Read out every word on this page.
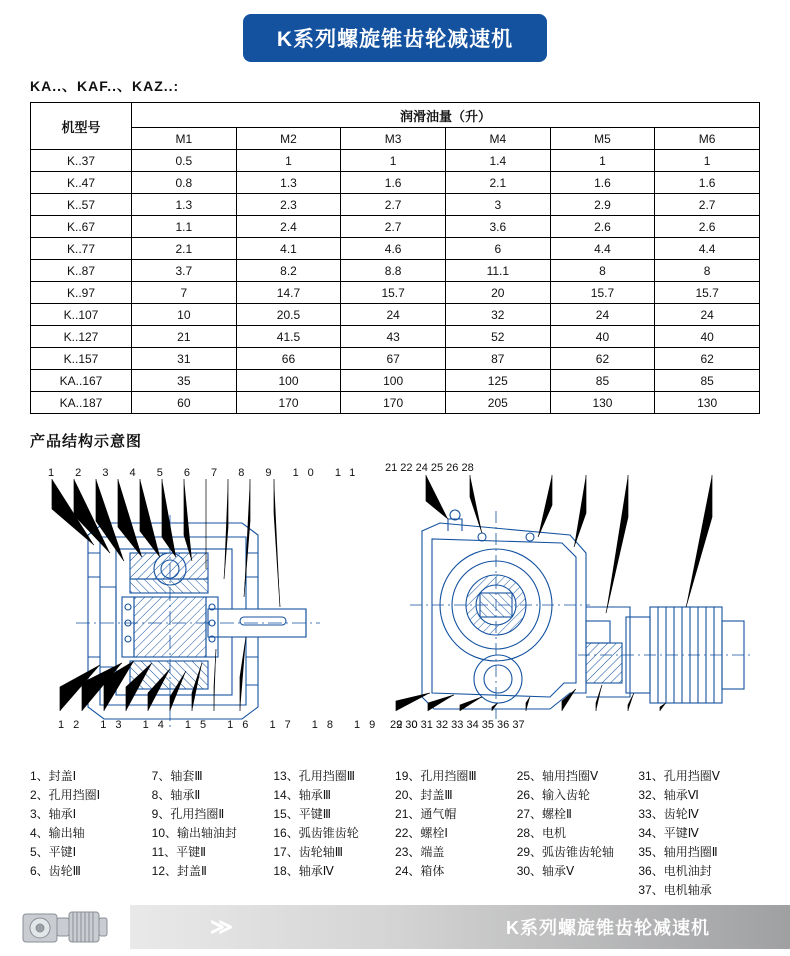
K系列螺旋锥齿轮减速机
KA..、KAF..、KAZ..:
机型号	润滑油量（升）					
	M1	M2	M3	M4	M5	M6
K..37	0.5	1	1	1.4	1	1
K..47	0.8	1.3	1.6	2.1	1.6	1.6
K..57	1.3	2.3	2.7	3	2.9	2.7
K..67	1.1	2.4	2.7	3.6	2.6	2.6
K..77	2.1	4.1	4.6	6	4.4	4.4
K..87	3.7	8.2	8.8	11.1	8	8
K..97	7	14.7	15.7	20	15.7	15.7
K..107	10	20.5	24	32	24	24
K..127	21	41.5	43	52	40	40
K..157	31	66	67	87	62	62
KA..167	35	100	100	125	85	85
KA..187	60	170	170	205	130	130
产品结构示意图
1 2 3 4 5 6 7 8 9 10 11
12 13 14 15 16 17 18 19 20
21 22 24 25 26 28
29 30 31 32 33 34 35 36 37
1、封盖Ⅰ
2、孔用挡圈Ⅰ
3、轴承Ⅰ
4、输出轴
5、平键Ⅰ
6、齿轮Ⅲ
7、轴套Ⅲ
8、轴承Ⅱ
9、孔用挡圈Ⅱ
10、输出轴油封
11、平键Ⅱ
12、封盖Ⅱ
13、孔用挡圈Ⅲ
14、轴承Ⅲ
15、平键Ⅲ
16、弧齿锥齿轮
17、齿轮轴Ⅲ
18、轴承Ⅳ
19、孔用挡圈Ⅲ
20、封盖Ⅲ
21、通气帽
22、螺栓Ⅰ
23、端盖
24、箱体
25、轴用挡圈Ⅴ
26、输入齿轮
27、螺栓Ⅱ
28、电机
29、弧齿锥齿轮轴
30、轴承Ⅴ
31、孔用挡圈Ⅴ
32、轴承Ⅵ
33、齿轮Ⅳ
34、平键Ⅳ
35、轴用挡圈Ⅱ
36、电机油封
37、电机轴承
≫	K系列螺旋锥齿轮减速机
